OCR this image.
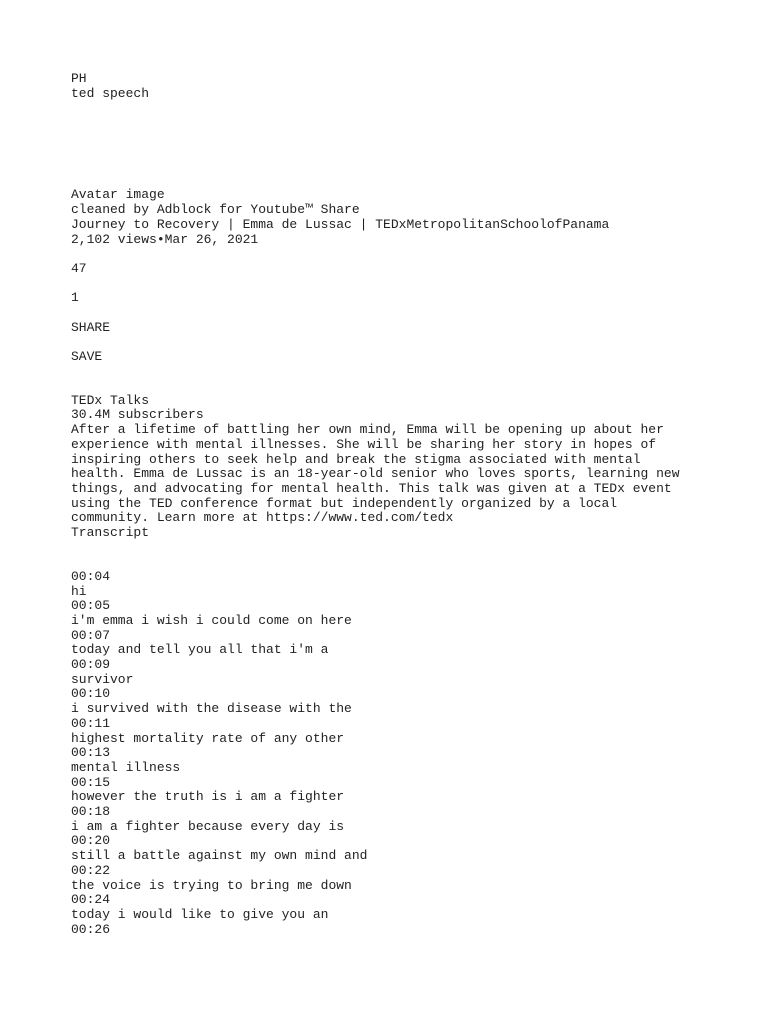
PH
ted speech
Avatar image
cleaned by Adblock for Youtube™ Share
Journey to Recovery | Emma de Lussac | TEDxMetropolitanSchoolofPanama
2,102 views•Mar 26, 2021
47
1
SHARE
SAVE
TEDx Talks
30.4M subscribers
After a lifetime of battling her own mind, Emma will be opening up about her experience with mental illnesses. She will be sharing her story in hopes of inspiring others to seek help and break the stigma associated with mental health. Emma de Lussac is an 18-year-old senior who loves sports, learning new things, and advocating for mental health. This talk was given at a TEDx event using the TED conference format but independently organized by a local community. Learn more at https://www.ted.com/tedx
Transcript
00:04
hi
00:05
i'm emma i wish i could come on here
00:07
today and tell you all that i'm a
00:09
survivor
00:10
i survived with the disease with the
00:11
highest mortality rate of any other
00:13
mental illness
00:15
however the truth is i am a fighter
00:18
i am a fighter because every day is
00:20
still a battle against my own mind and
00:22
the voice is trying to bring me down
00:24
today i would like to give you an
00:26
